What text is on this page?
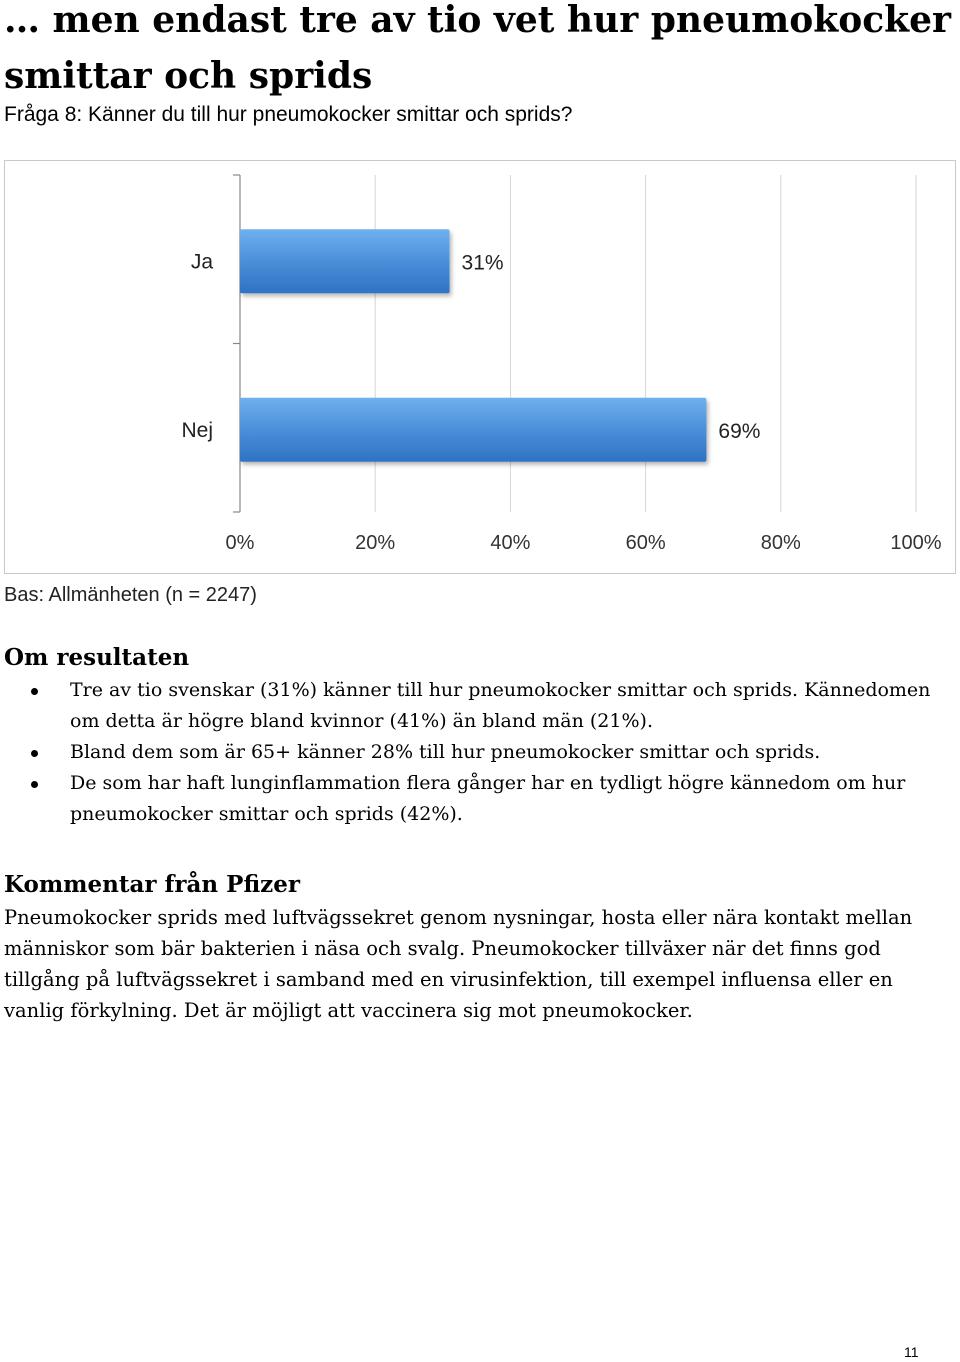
… men endast tre av tio vet hur pneumokocker smittar och sprids

Fråga 8: Känner du till hur pneumokocker smittar och sprids?

0%	20%	40%	60%	80%	100%
Ja	31%
Nej	69%

Bas: Allmänheten (n = 2247)

Om resultaten
Tre av tio svenskar (31%) känner till hur pneumokocker smittar och sprids. Kännedomen om detta är högre bland kvinnor (41%) än bland män (21%).
Bland dem som är 65+ känner 28% till hur pneumokocker smittar och sprids.
De som har haft lunginflammation flera gånger har en tydligt högre kännedom om hur pneumokocker smittar och sprids (42%).
Kommentar från Pfizer

Pneumokocker sprids med luftvägssekret genom nysningar, hosta eller nära kontakt mellan människor som bär bakterien i näsa och svalg. Pneumokocker tillväxer när det finns god tillgång på luftvägssekret i samband med en virusinfektion, till exempel influensa eller en vanlig förkylning. Det är möjligt att vaccinera sig mot pneumokocker.

11
